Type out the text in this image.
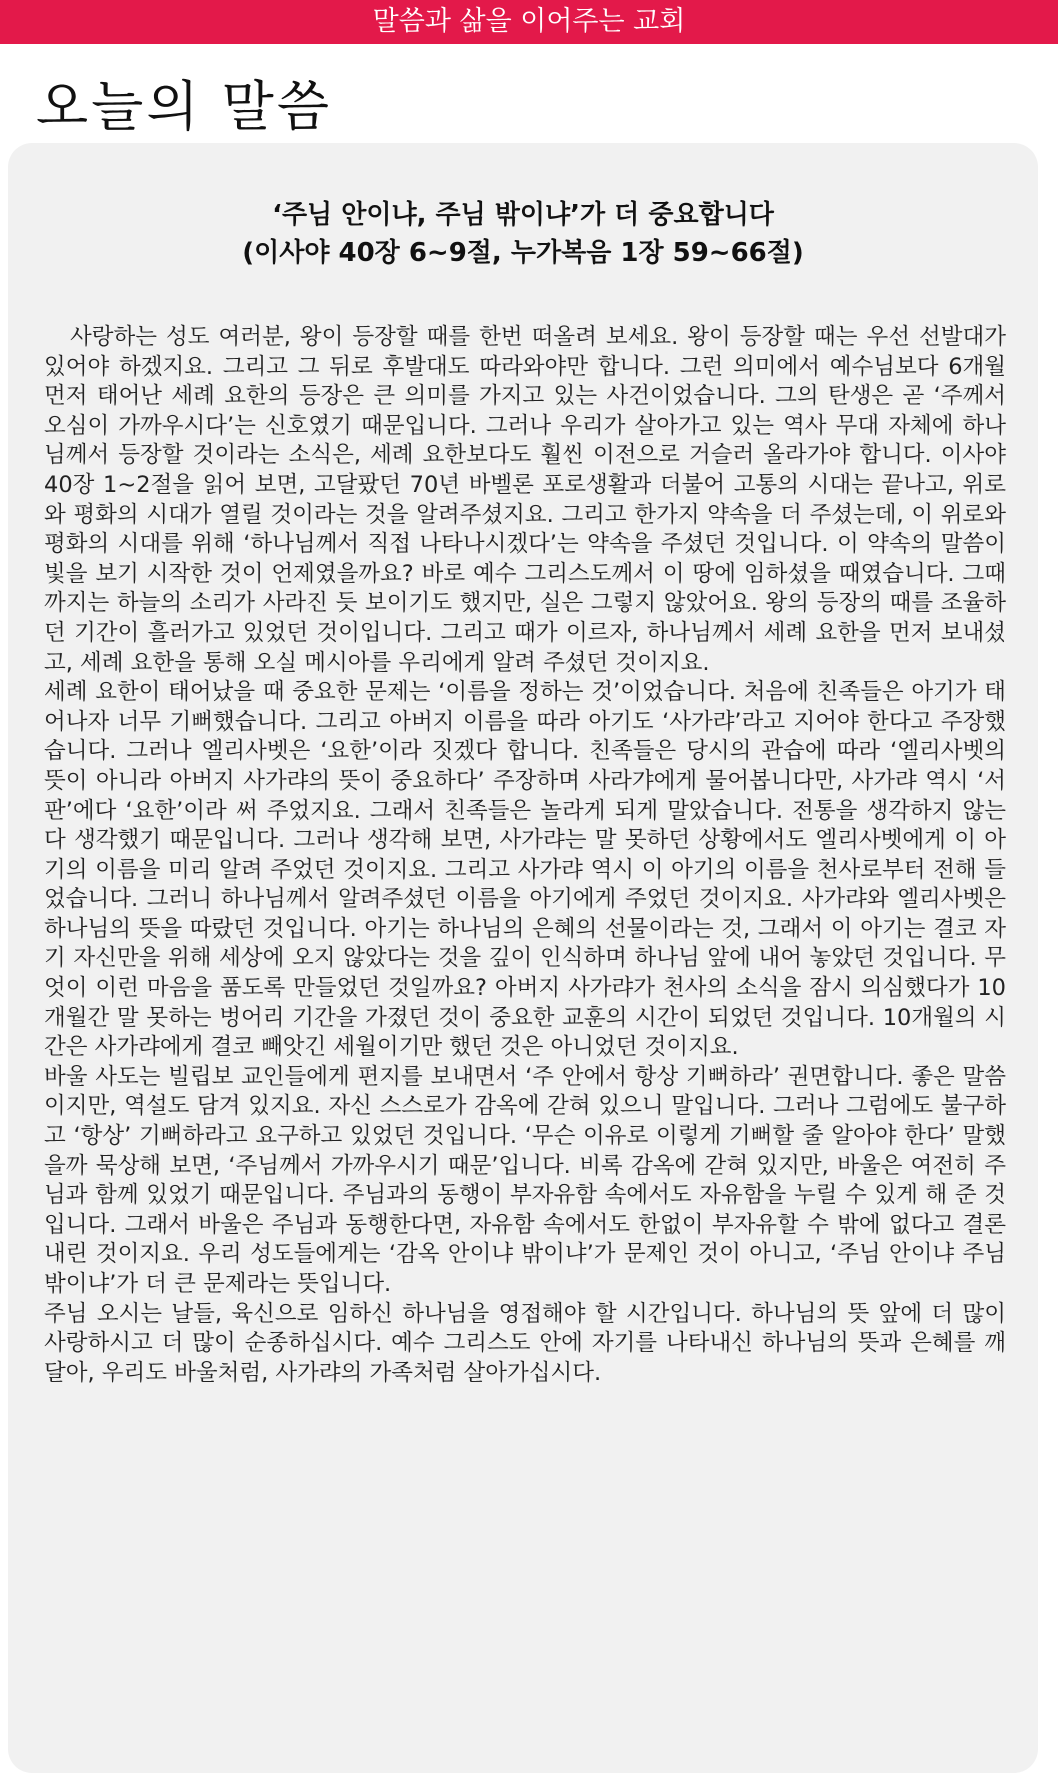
말씀과 삶을 이어주는 교회
오늘의 말씀
‘주님 안이냐, 주님 밖이냐’가 더 중요합니다
(이사야 40장 6~9절, 누가복음 1장 59~66절)

사랑하는 성도 여러분, 왕이 등장할 때를 한번 떠올려 보세요. 왕이 등장할 때는 우선 선발대가 있어야 하겠지요. 그리고 그 뒤로 후발대도 따라와야만 합니다. 그런 의미에서 예수님보다 6개월 먼저 태어난 세례 요한의 등장은 큰 의미를 가지고 있는 사건이었습니다. 그의 탄생은 곧 ‘주께서 오심이 가까우시다’는 신호였기 때문입니다. 그러나 우리가 살아가고 있는 역사 무대 자체에 하나님께서 등장할 것이라는 소식은, 세례 요한보다도 훨씬 이전으로 거슬러 올라가야 합니다. 이사야 40장 1~2절을 읽어 보면, 고달팠던 70년 바벨론 포로생활과 더불어 고통의 시대는 끝나고, 위로와 평화의 시대가 열릴 것이라는 것을 알려주셨지요. 그리고 한가지 약속을 더 주셨는데, 이 위로와 평화의 시대를 위해 ‘하나님께서 직접 나타나시겠다’는 약속을 주셨던 것입니다. 이 약속의 말씀이 빛을 보기 시작한 것이 언제였을까요? 바로 예수 그리스도께서 이 땅에 임하셨을 때였습니다. 그때까지는 하늘의 소리가 사라진 듯 보이기도 했지만, 실은 그렇지 않았어요. 왕의 등장의 때를 조율하던 기간이 흘러가고 있었던 것이입니다. 그리고 때가 이르자, 하나님께서 세례 요한을 먼저 보내셨고, 세례 요한을 통해 오실 메시아를 우리에게 알려 주셨던 것이지요.

세례 요한이 태어났을 때 중요한 문제는 ‘이름을 정하는 것’이었습니다. 처음에 친족들은 아기가 태어나자 너무 기뻐했습니다. 그리고 아버지 이름을 따라 아기도 ‘사가랴’라고 지어야 한다고 주장했습니다. 그러나 엘리사벳은 ‘요한’이라 짓겠다 합니다. 친족들은 당시의 관습에 따라 ‘엘리사벳의 뜻이 아니라 아버지 사가랴의 뜻이 중요하다’ 주장하며 사라갸에게 물어봅니다만, 사가랴 역시 ‘서판’에다 ‘요한’이라 써 주었지요. 그래서 친족들은 놀라게 되게 말았습니다. 전통을 생각하지 않는다 생각했기 때문입니다. 그러나 생각해 보면, 사가랴는 말 못하던 상황에서도 엘리사벳에게 이 아기의 이름을 미리 알려 주었던 것이지요. 그리고 사가랴 역시 이 아기의 이름을 천사로부터 전해 들었습니다. 그러니 하나님께서 알려주셨던 이름을 아기에게 주었던 것이지요. 사가랴와 엘리사벳은 하나님의 뜻을 따랐던 것입니다. 아기는 하나님의 은혜의 선물이라는 것, 그래서 이 아기는 결코 자기 자신만을 위해 세상에 오지 않았다는 것을 깊이 인식하며 하나님 앞에 내어 놓았던 것입니다. 무엇이 이런 마음을 품도록 만들었던 것일까요? 아버지 사가랴가 천사의 소식을 잠시 의심했다가 10개월간 말 못하는 벙어리 기간을 가졌던 것이 중요한 교훈의 시간이 되었던 것입니다. 10개월의 시간은 사가랴에게 결코 빼앗긴 세월이기만 했던 것은 아니었던 것이지요.

바울 사도는 빌립보 교인들에게 편지를 보내면서 ‘주 안에서 항상 기뻐하라’ 권면합니다. 좋은 말씀이지만, 역설도 담겨 있지요. 자신 스스로가 감옥에 갇혀 있으니 말입니다. 그러나 그럼에도 불구하고 ‘항상’ 기뻐하라고 요구하고 있었던 것입니다. ‘무슨 이유로 이렇게 기뻐할 줄 알아야 한다’ 말했을까 묵상해 보면, ‘주님께서 가까우시기 때문’입니다. 비록 감옥에 갇혀 있지만, 바울은 여전히 주님과 함께 있었기 때문입니다. 주님과의 동행이 부자유함 속에서도 자유함을 누릴 수 있게 해 준 것입니다. 그래서 바울은 주님과 동행한다면, 자유함 속에서도 한없이 부자유할 수 밖에 없다고 결론내린 것이지요. 우리 성도들에게는 ‘감옥 안이냐 밖이냐’가 문제인 것이 아니고, ‘주님 안이냐 주님 밖이냐’가 더 큰 문제라는 뜻입니다.

주님 오시는 날들, 육신으로 임하신 하나님을 영접해야 할 시간입니다. 하나님의 뜻 앞에 더 많이 사랑하시고 더 많이 순종하십시다. 예수 그리스도 안에 자기를 나타내신 하나님의 뜻과 은혜를 깨달아, 우리도 바울처럼, 사가랴의 가족처럼 살아가십시다.
